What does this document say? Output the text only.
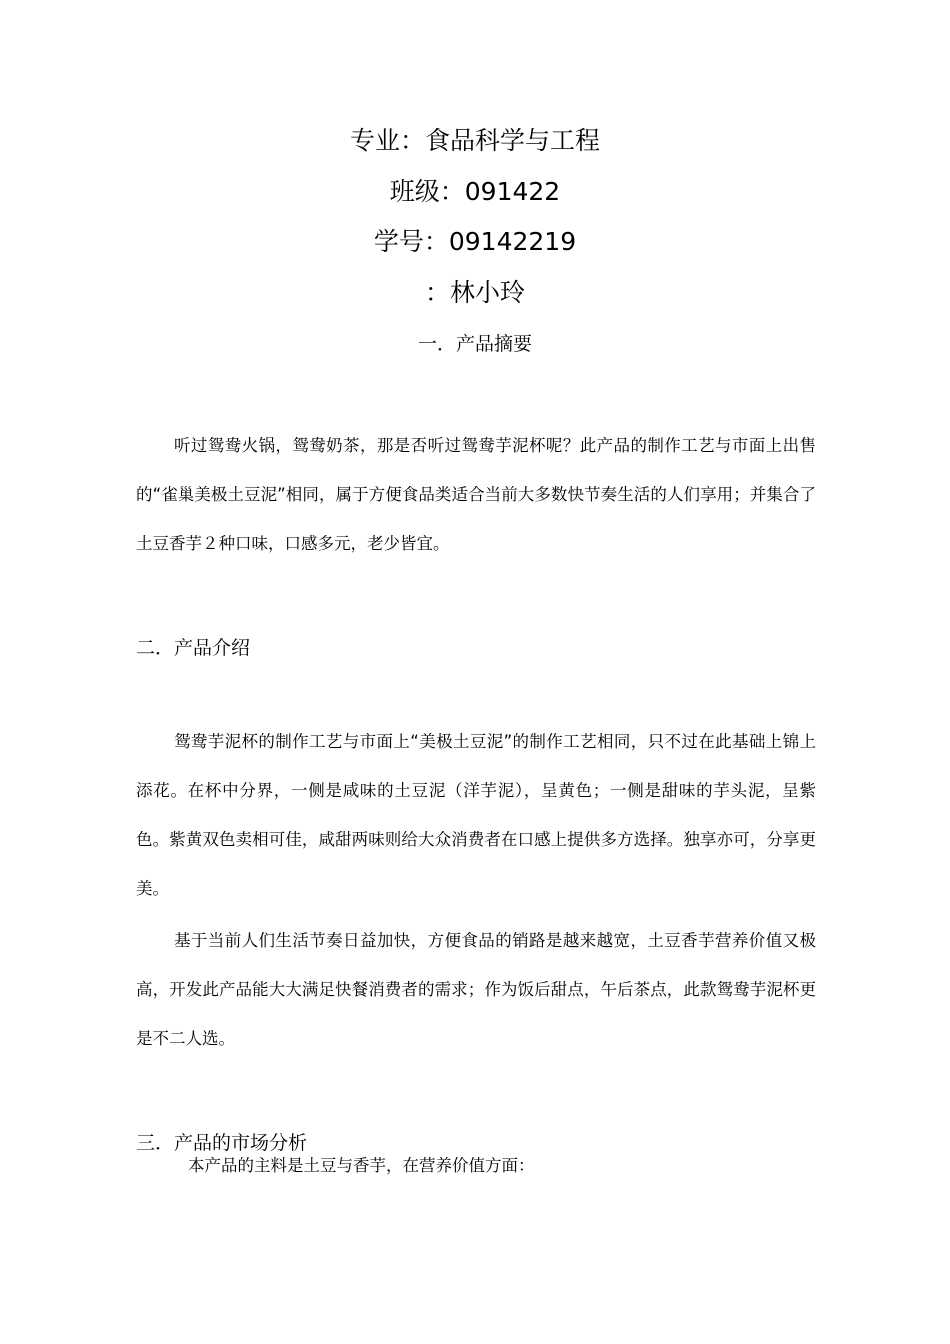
专业：食品科学与工程
班级：091422
学号：09142219
：林小玲
一．产品摘要

听过鸳鸯火锅，鸳鸯奶茶，那是否听过鸳鸯芋泥杯呢？此产品的制作工艺与市面上出售的“雀巢美极土豆泥”相同，属于方便食品类适合当前大多数快节奏生活的人们享用；并集合了土豆香芋２种口味，口感多元，老少皆宜。

二．产品介绍

鸳鸯芋泥杯的制作工艺与市面上“美极土豆泥”的制作工艺相同，只不过在此基础上锦上添花。在杯中分界，一侧是咸味的土豆泥（洋芋泥），呈黄色；一侧是甜味的芋头泥，呈紫色。紫黄双色卖相可佳，咸甜两味则给大众消费者在口感上提供多方选择。独享亦可，分享更美。

基于当前人们生活节奏日益加快，方便食品的销路是越来越宽，土豆香芋营养价值又极高，开发此产品能大大满足快餐消费者的需求；作为饭后甜点，午后茶点，此款鸳鸯芋泥杯更是不二人选。

三．产品的市场分析
本产品的主料是土豆与香芋，在营养价值方面：
